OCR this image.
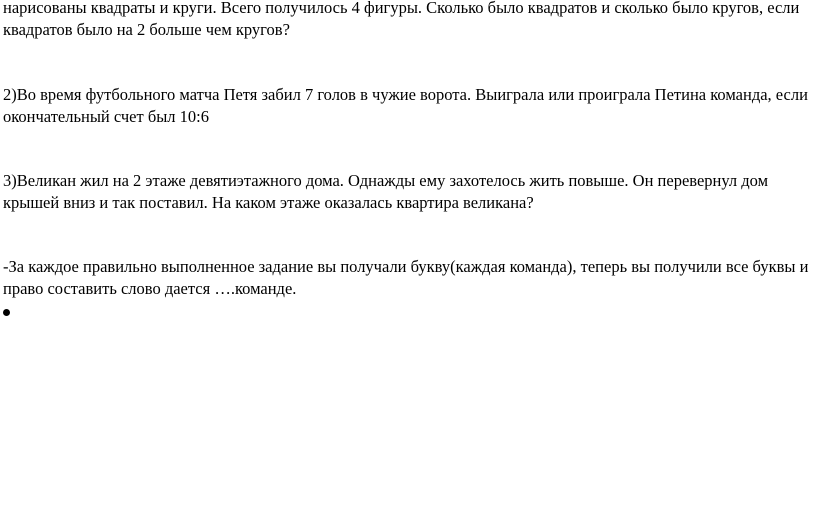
нарисованы квадраты и круги. Всего получилось 4 фигуры. Сколько было квадратов и сколько было кругов, если квадратов было на 2 больше чем кругов?

2)Во время футбольного матча Петя забил 7 голов в чужие ворота. Выиграла или проиграла Петина команда, если окончательный счет был 10:6

3)Великан жил на 2 этаже девятиэтажного дома. Однажды ему захотелось жить повыше. Он перевернул дом крышей вниз и так поставил. На каком этаже оказалась квартира великана?

-За каждое правильно выполненное задание вы получали букву(каждая команда), теперь вы получили все буквы и право составить слово дается ….команде.
